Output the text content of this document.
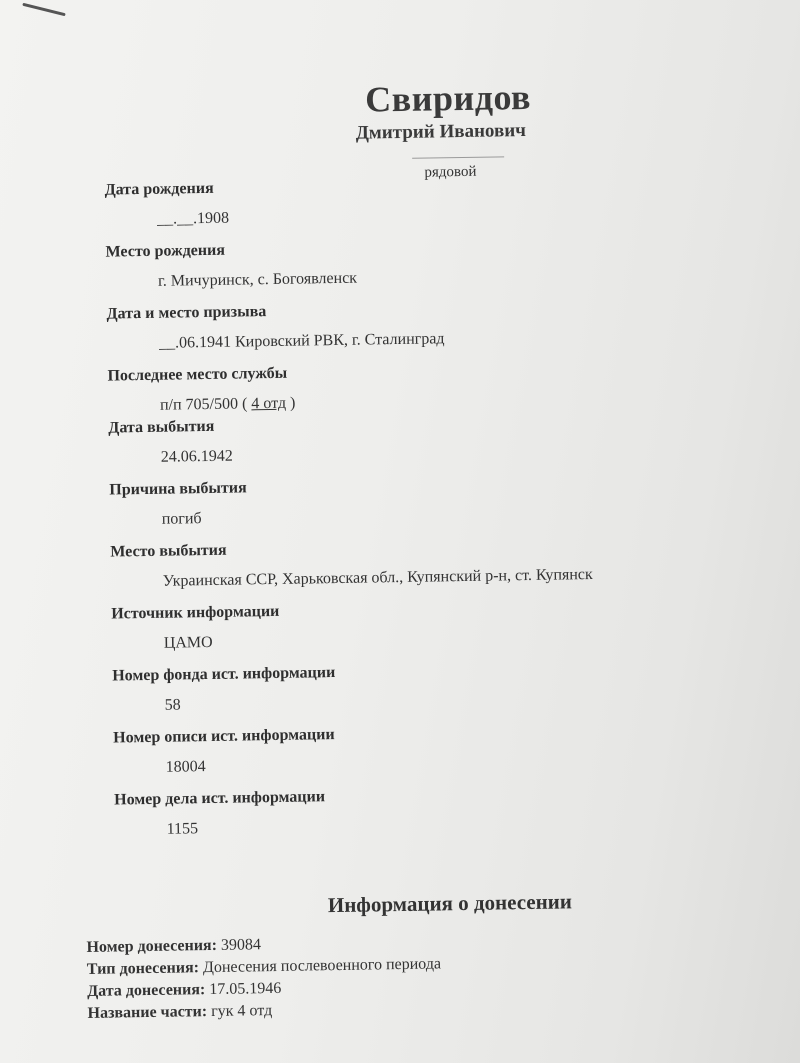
Свиридов
Дмитрий Иванович
рядовой
Дата рождения
__.__.1908
Место рождения
г. Мичуринск, с. Богоявленск
Дата и место призыва
__.06.1941 Кировский РВК, г. Сталинград
Последнее место службы
п/п 705/500 ( 4 отд )
Дата выбытия
24.06.1942
Причина выбытия
погиб
Место выбытия
Украинская ССР, Харьковская обл., Купянский р-н, ст. Купянск
Источник информации
ЦАМО
Номер фонда ист. информации
58
Номер описи ист. информации
18004
Номер дела ист. информации
1155
Информация о донесении
Номер донесения: 39084
Тип донесения: Донесения послевоенного периода
Дата донесения: 17.05.1946
Название части: гук 4 отд
